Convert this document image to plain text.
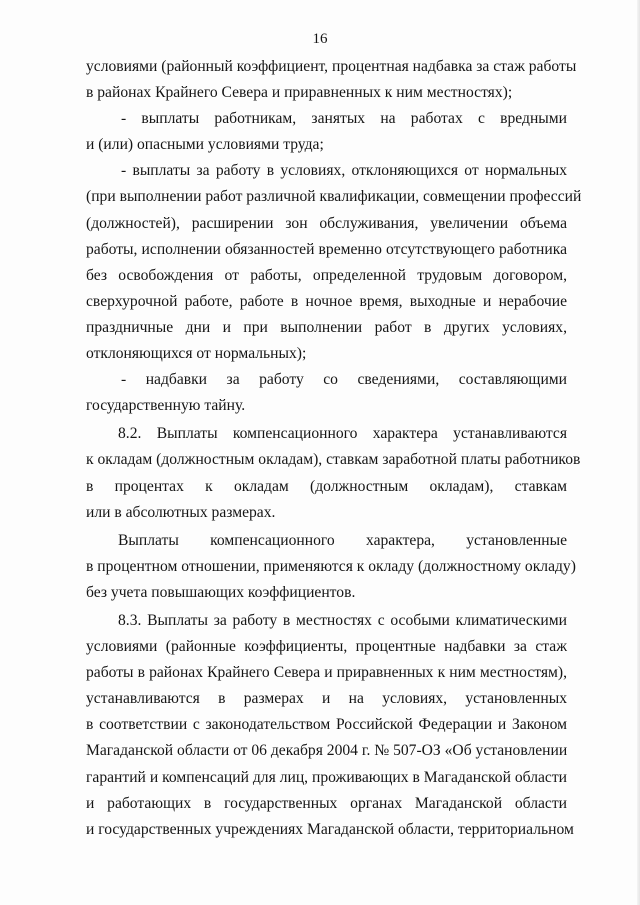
16
условиями (районный коэффициент, процентная надбавка за стаж работы
в районах Крайнего Севера и приравненных к ним местностях);
- выплаты работникам, занятых на работах с вредными
и (или) опасными условиями труда;
- выплаты за работу в условиях, отклоняющихся от нормальных
(при выполнении работ различной квалификации, совмещении профессий
(должностей), расширении зон обслуживания, увеличении объема
работы, исполнении обязанностей временно отсутствующего работника
без освобождения от работы, определенной трудовым договором,
сверхурочной работе, работе в ночное время, выходные и нерабочие
праздничные дни и при выполнении работ в других условиях,
отклоняющихся от нормальных);
- надбавки за работу со сведениями, составляющими
государственную тайну.
8.2. Выплаты компенсационного характера устанавливаются
к окладам (должностным окладам), ставкам заработной платы работников
в процентах к окладам (должностным окладам), ставкам
или в абсолютных размерах.
Выплаты компенсационного характера, установленные
в процентном отношении, применяются к окладу (должностному окладу)
без учета повышающих коэффициентов.
8.3. Выплаты за работу в местностях с особыми климатическими
условиями (районные коэффициенты, процентные надбавки за стаж
работы в районах Крайнего Севера и приравненных к ним местностям),
устанавливаются в размерах и на условиях, установленных
в соответствии с законодательством Российской Федерации и Законом
Магаданской области от 06 декабря 2004 г. № 507-ОЗ «Об установлении
гарантий и компенсаций для лиц, проживающих в Магаданской области
и работающих в государственных органах Магаданской области
и государственных учреждениях Магаданской области, территориальном
